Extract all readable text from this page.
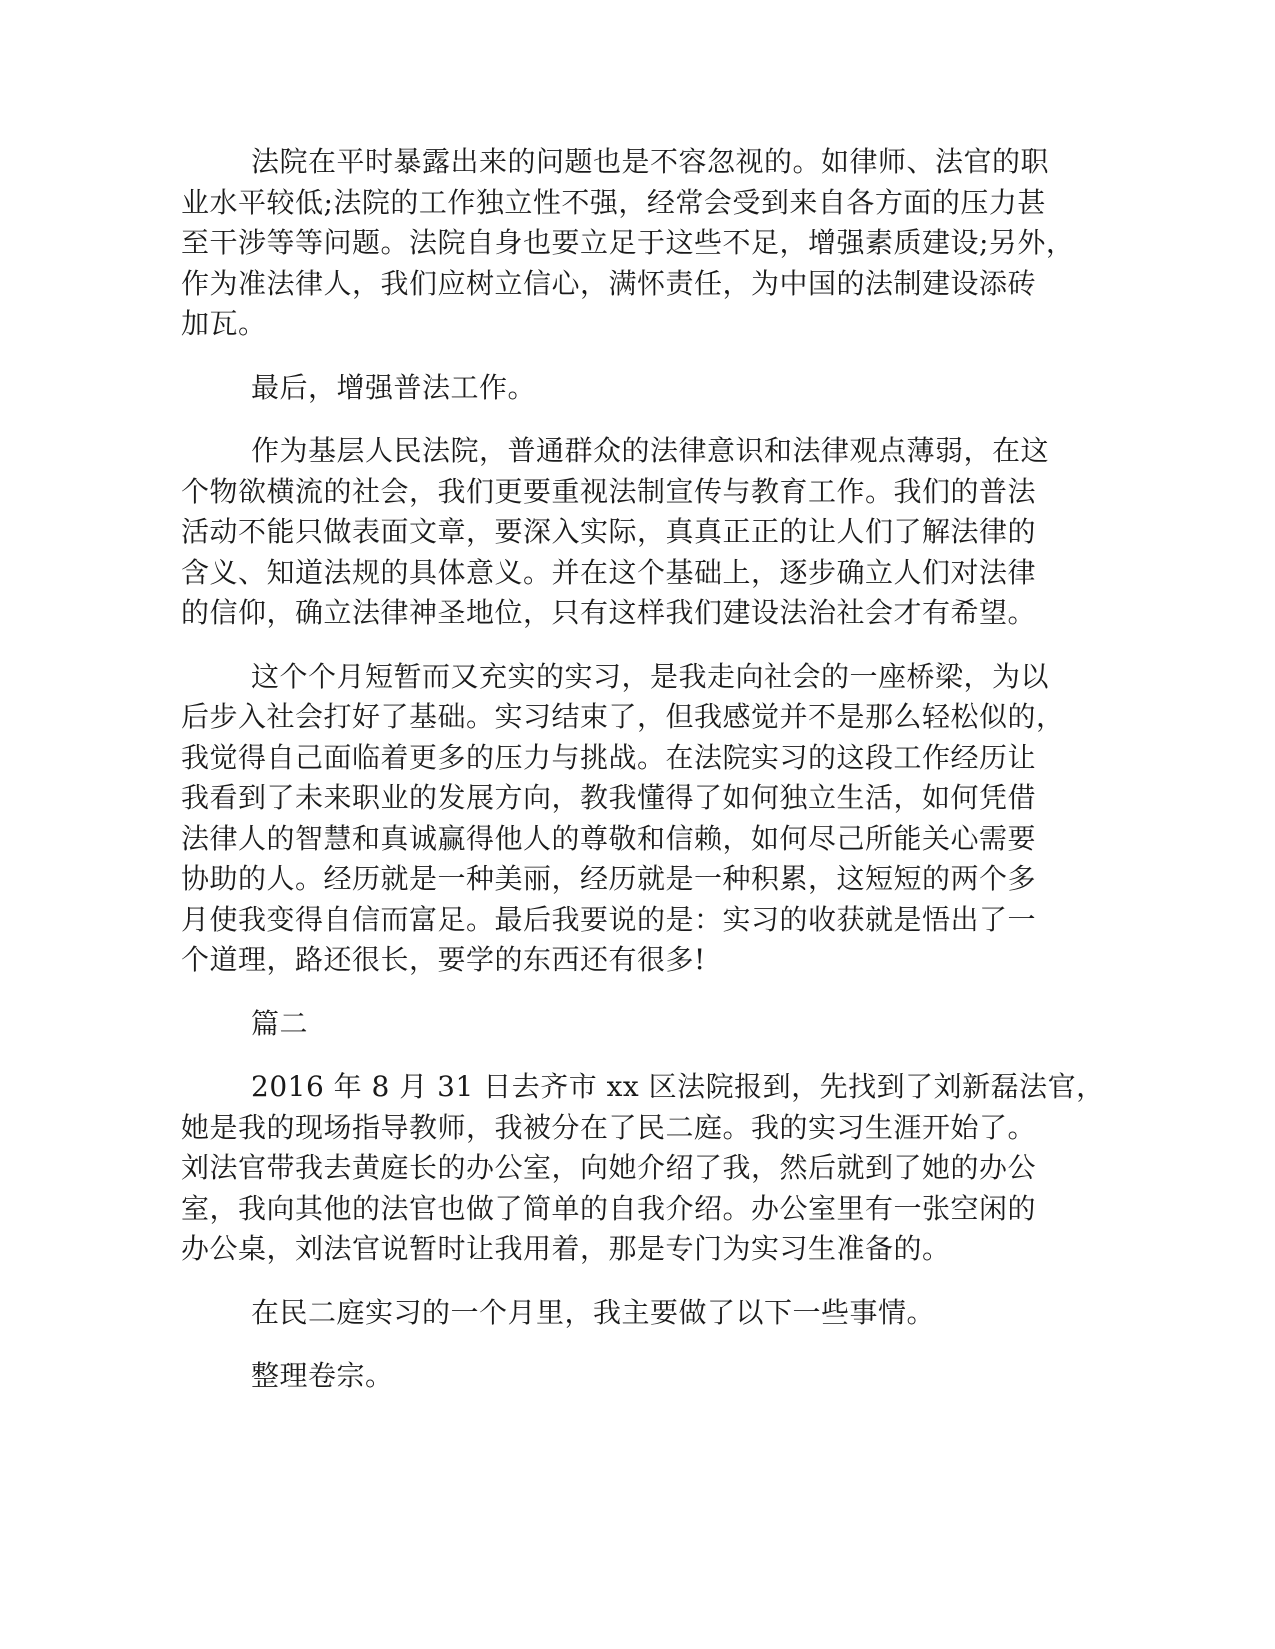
法院在平时暴露出来的问题也是不容忽视的。如律师、法官的职
业水平较低;法院的工作独立性不强，经常会受到来自各方面的压力甚
至干涉等等问题。法院自身也要立足于这些不足，增强素质建设;另外，
作为准法律人，我们应树立信心，满怀责任，为中国的法制建设添砖
加瓦。
最后，增强普法工作。
作为基层人民法院，普通群众的法律意识和法律观点薄弱，在这
个物欲横流的社会，我们更要重视法制宣传与教育工作。我们的普法
活动不能只做表面文章，要深入实际，真真正正的让人们了解法律的
含义、知道法规的具体意义。并在这个基础上，逐步确立人们对法律
的信仰，确立法律神圣地位，只有这样我们建设法治社会才有希望。
这个个月短暂而又充实的实习，是我走向社会的一座桥梁，为以
后步入社会打好了基础。实习结束了，但我感觉并不是那么轻松似的，
我觉得自己面临着更多的压力与挑战。在法院实习的这段工作经历让
我看到了未来职业的发展方向，教我懂得了如何独立生活，如何凭借
法律人的智慧和真诚赢得他人的尊敬和信赖，如何尽己所能关心需要
协助的人。经历就是一种美丽，经历就是一种积累，这短短的两个多
月使我变得自信而富足。最后我要说的是：实习的收获就是悟出了一
个道理，路还很长，要学的东西还有很多!
篇二
2016 年 8 月 31 日去齐市 xx 区法院报到，先找到了刘新磊法官，
她是我的现场指导教师，我被分在了民二庭。我的实习生涯开始了。
刘法官带我去黄庭长的办公室，向她介绍了我，然后就到了她的办公
室，我向其他的法官也做了简单的自我介绍。办公室里有一张空闲的
办公桌，刘法官说暂时让我用着，那是专门为实习生准备的。
在民二庭实习的一个月里，我主要做了以下一些事情。
整理卷宗。
